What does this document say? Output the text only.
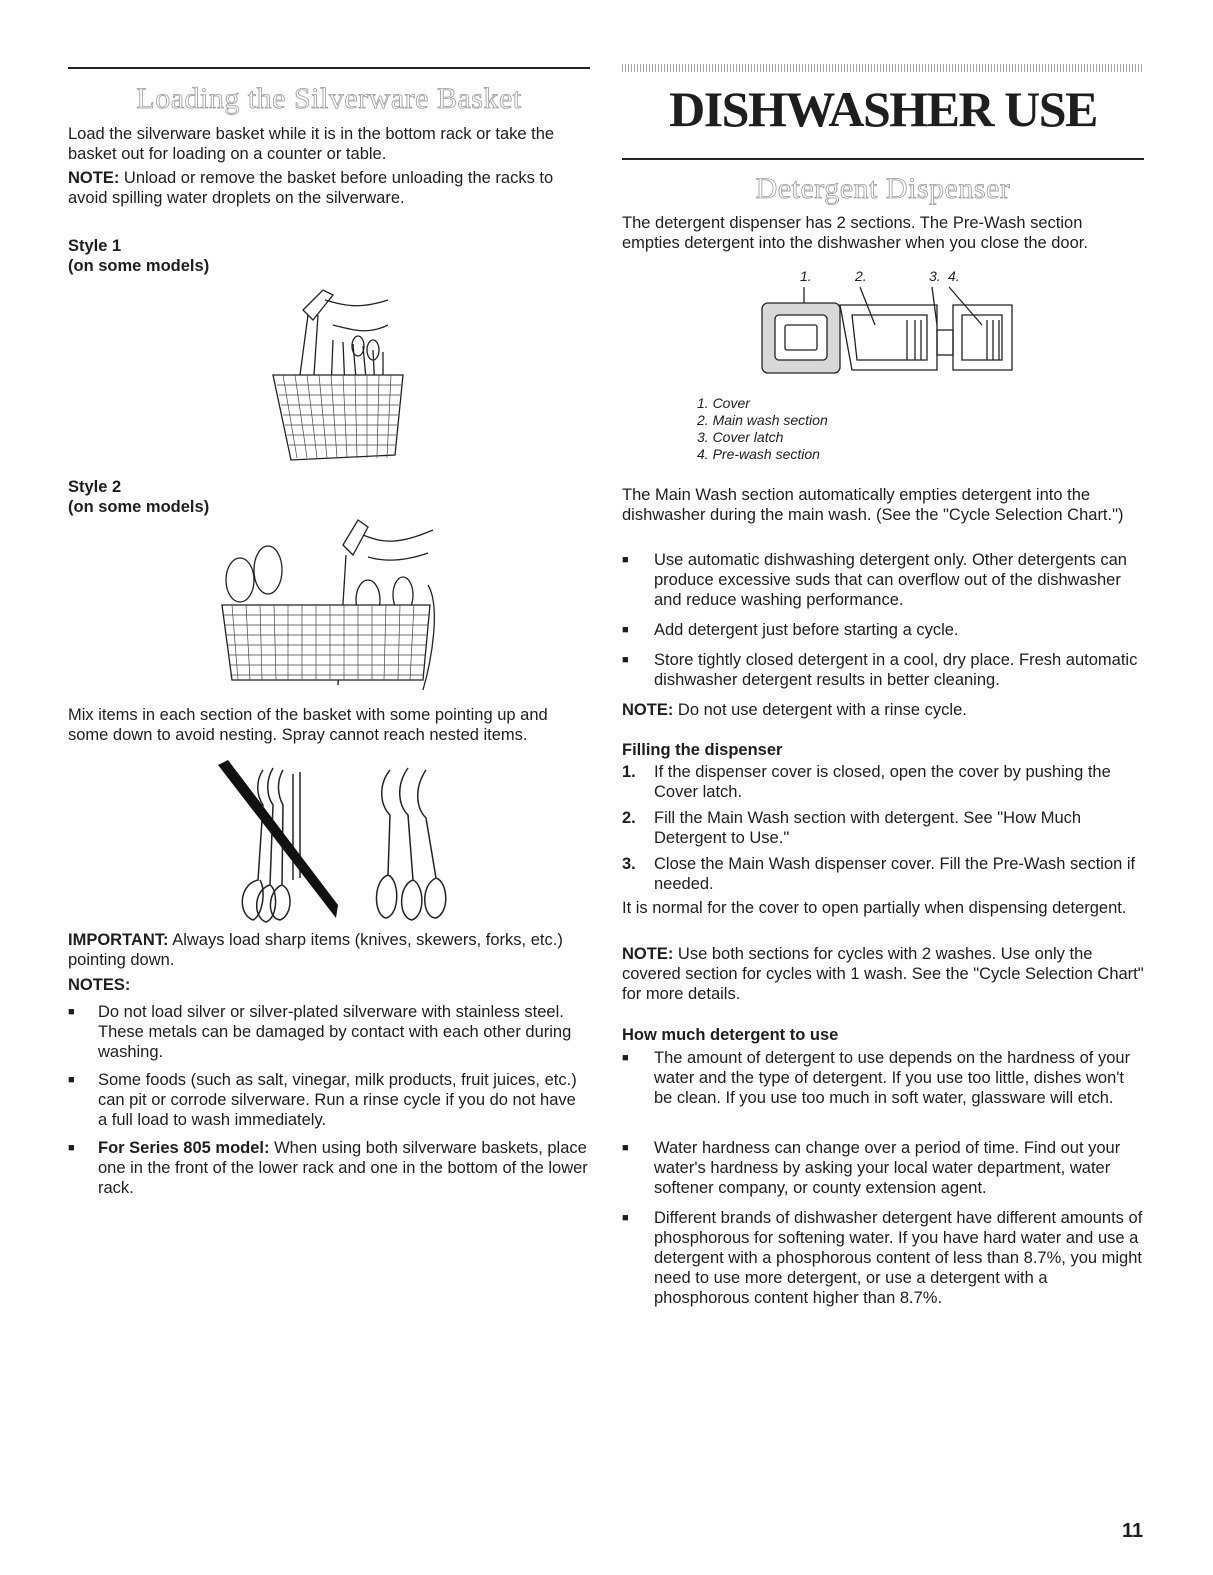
Loading the Silverware Basket

Load the silverware basket while it is in the bottom rack or take the basket out for loading on a counter or table.

NOTE: Unload or remove the basket before unloading the racks to avoid spilling water droplets on the silverware.

Style 1
(on some models)
Style 2
(on some models)

Mix items in each section of the basket with some pointing up and some down to avoid nesting. Spray cannot reach nested items.

IMPORTANT: Always load sharp items (knives, skewers, forks, etc.) pointing down.

NOTES:
■ Do not load silver or silver-plated silverware with stainless steel. These metals can be damaged by contact with each other during washing.
■ Some foods (such as salt, vinegar, milk products, fruit juices, etc.) can pit or corrode silverware. Run a rinse cycle if you do not have a full load to wash immediately.
■ For Series 805 model: When using both silverware baskets, place one in the front of the lower rack and one in the bottom of the lower rack.
DISHWASHER USE
Detergent Dispenser

The detergent dispenser has 2 sections. The Pre-Wash section empties detergent into the dishwasher when you close the door.

1.	2.	3. 4.
1. Cover
2. Main wash section
3. Cover latch
4. Pre-wash section

The Main Wash section automatically empties detergent into the dishwasher during the main wash. (See the "Cycle Selection Chart.")

■ Use automatic dishwashing detergent only. Other detergents can produce excessive suds that can overflow out of the dishwasher and reduce washing performance.
■ Add detergent just before starting a cycle.
■ Store tightly closed detergent in a cool, dry place. Fresh automatic dishwasher detergent results in better cleaning.

NOTE: Do not use detergent with a rinse cycle.

Filling the dispenser
1. If the dispenser cover is closed, open the cover by pushing the Cover latch.
2. Fill the Main Wash section with detergent. See "How Much Detergent to Use."
3. Close the Main Wash dispenser cover. Fill the Pre-Wash section if needed.

It is normal for the cover to open partially when dispensing detergent.

NOTE: Use both sections for cycles with 2 washes. Use only the covered section for cycles with 1 wash. See the "Cycle Selection Chart" for more details.

How much detergent to use
■ The amount of detergent to use depends on the hardness of your water and the type of detergent. If you use too little, dishes won't be clean. If you use too much in soft water, glassware will etch.
■ Water hardness can change over a period of time. Find out your water's hardness by asking your local water department, water softener company, or county extension agent.
■ Different brands of dishwasher detergent have different amounts of phosphorous for softening water. If you have hard water and use a detergent with a phosphorous content of less than 8.7%, you might need to use more detergent, or use a detergent with a phosphorous content higher than 8.7%.
11
